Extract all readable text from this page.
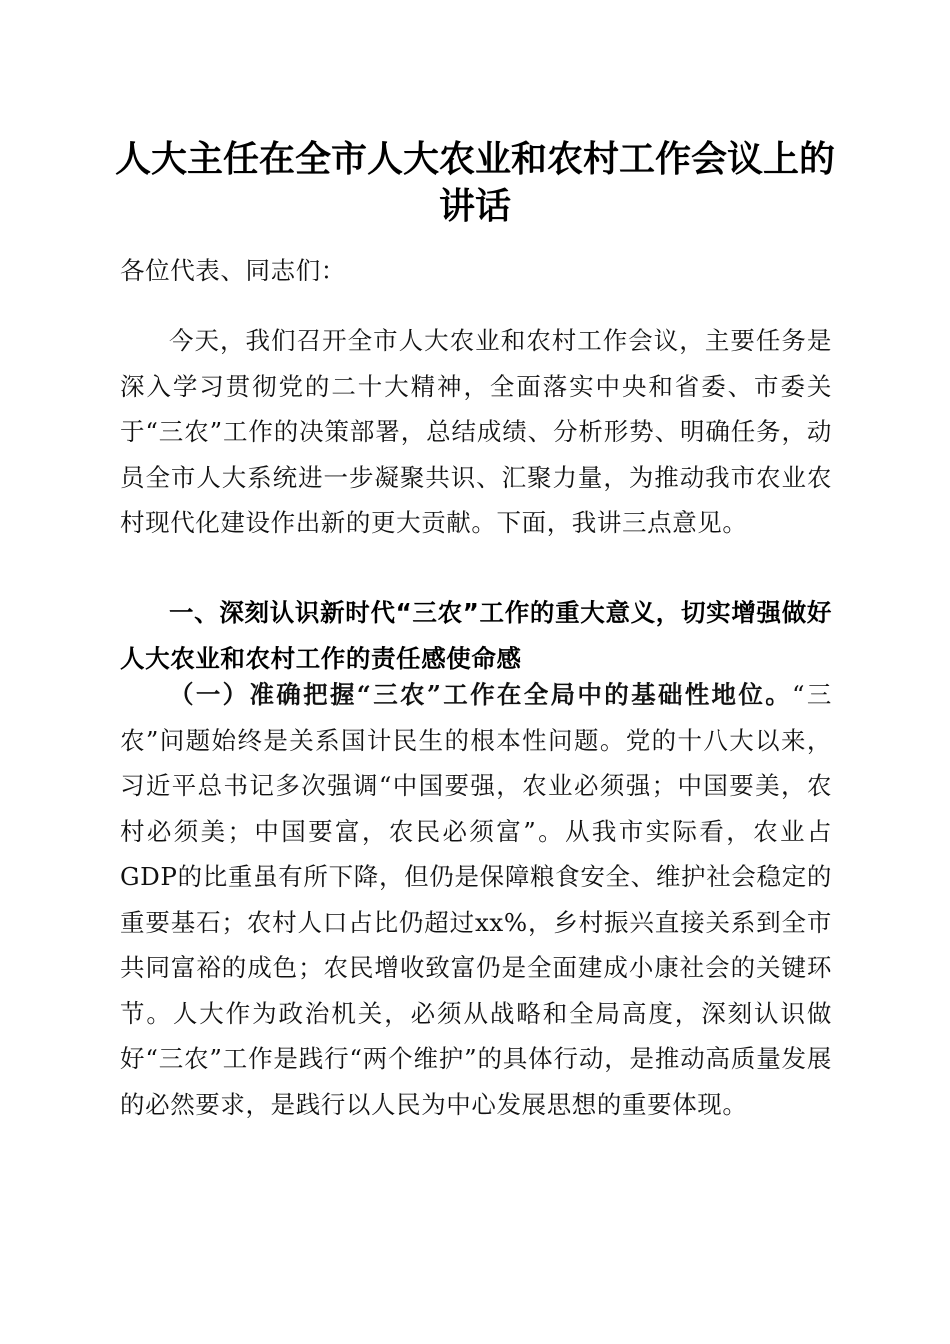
人大主任在全市人大农业和农村工作会议上的
讲话

各位代表、同志们：

今天，我们召开全市人大农业和农村工作会议，主要任务是深入学习贯彻党的二十大精神，全面落实中央和省委、市委关于“三农”工作的决策部署，总结成绩、分析形势、明确任务，动员全市人大系统进一步凝聚共识、汇聚力量，为推动我市农业农村现代化建设作出新的更大贡献。下面，我讲三点意见。

一、深刻认识新时代“三农”工作的重大意义，切实增强做好人大农业和农村工作的责任感使命感

（一）准确把握“三农”工作在全局中的基础性地位。“三农”问题始终是关系国计民生的根本性问题。党的十八大以来，习近平总书记多次强调“中国要强，农业必须强；中国要美，农村必须美；中国要富，农民必须富”。从我市实际看，农业占GDP的比重虽有所下降，但仍是保障粮食安全、维护社会稳定的重要基石；农村人口占比仍超过xx%，乡村振兴直接关系到全市共同富裕的成色；农民增收致富仍是全面建成小康社会的关键环节。人大作为政治机关，必须从战略和全局高度，深刻认识做好“三农”工作是践行“两个维护”的具体行动，是推动高质量发展的必然要求，是践行以人民为中心发展思想的重要体现。
